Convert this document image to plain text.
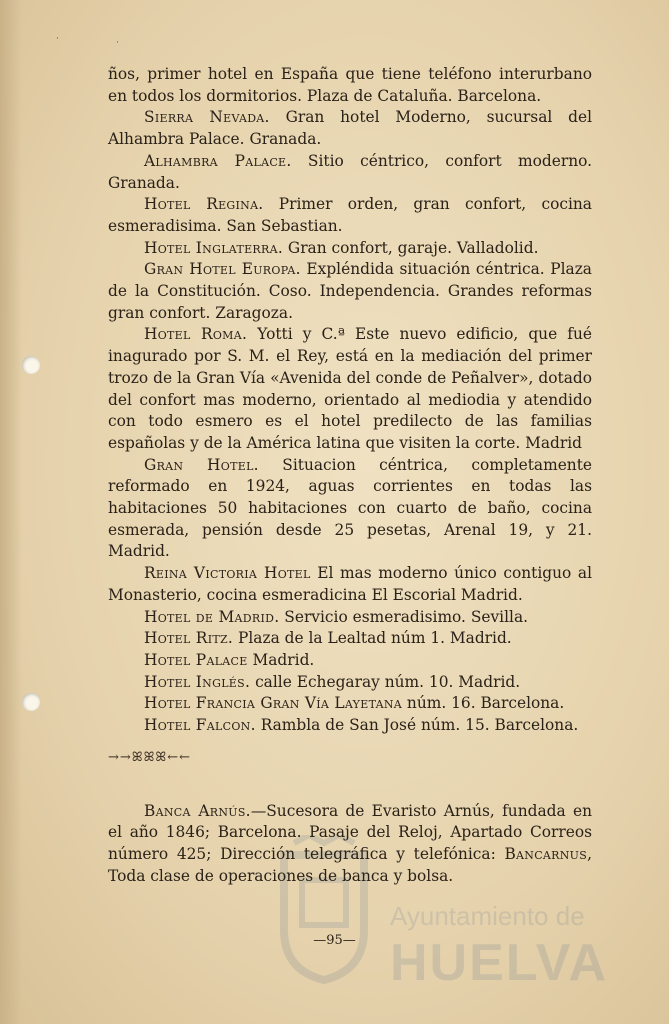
·	·
Ayuntamiento de
HUELVA

ños, primer hotel en España que tiene teléfono interurbano en todos los dormitorios. Plaza de Cataluña. Barcelona.

Sierra Nevada. Gran hotel Moderno, sucursal del Alhambra Palace. Granada.

Alhambra Palace. Sitio céntrico, confort moderno. Granada.

Hotel Regina. Primer orden, gran confort, cocina esmeradisima. San Sebastian.

Hotel Inglaterra. Gran confort, garaje. Valladolid.

Gran Hotel Europa. Expléndida situación céntrica. Plaza de la Constitución. Coso. Independencia. Grandes reformas gran confort. Zaragoza.

Hotel Roma. Yotti y C.ª Este nuevo edificio, que fué inagurado por S. M. el Rey, está en la mediación del primer trozo de la Gran Vía «Avenida del conde de Peñalver», dotado del confort mas moderno, orientado al mediodia y atendido con todo esmero es el hotel predilecto de las familias españolas y de la América latina que visiten la corte. Madrid

Gran Hotel. Situacion céntrica, completamente reformado en 1924, aguas corrientes en todas las habitaciones 50 habitaciones con cuarto de baño, cocina esmerada, pensión desde 25 pesetas, Arenal 19, y 21. Madrid.

Reina Victoria Hotel El mas moderno único contiguo al Monasterio, cocina esmeradicina El Escorial Madrid.

Hotel de Madrid. Servicio esmeradisimo. Sevilla.

Hotel Ritz. Plaza de la Lealtad núm 1. Madrid.

Hotel Palace Madrid.

Hotel Inglés. calle Echegaray núm. 10. Madrid.

Hotel Francia Gran Vía Layetana núm. 16. Barcelona.

Hotel Falcon. Rambla de San José núm. 15. Barcelona.

→→ꕤꕤꕤ←←

Banca Arnús.—Sucesora de Evaristo Arnús, fundada en el año 1846; Barcelona. Pasaje del Reloj, Apartado Correos número 425; Dirección telegráfica y telefónica: Bancarnus, Toda clase de operaciones de banca y bolsa.

—95—
